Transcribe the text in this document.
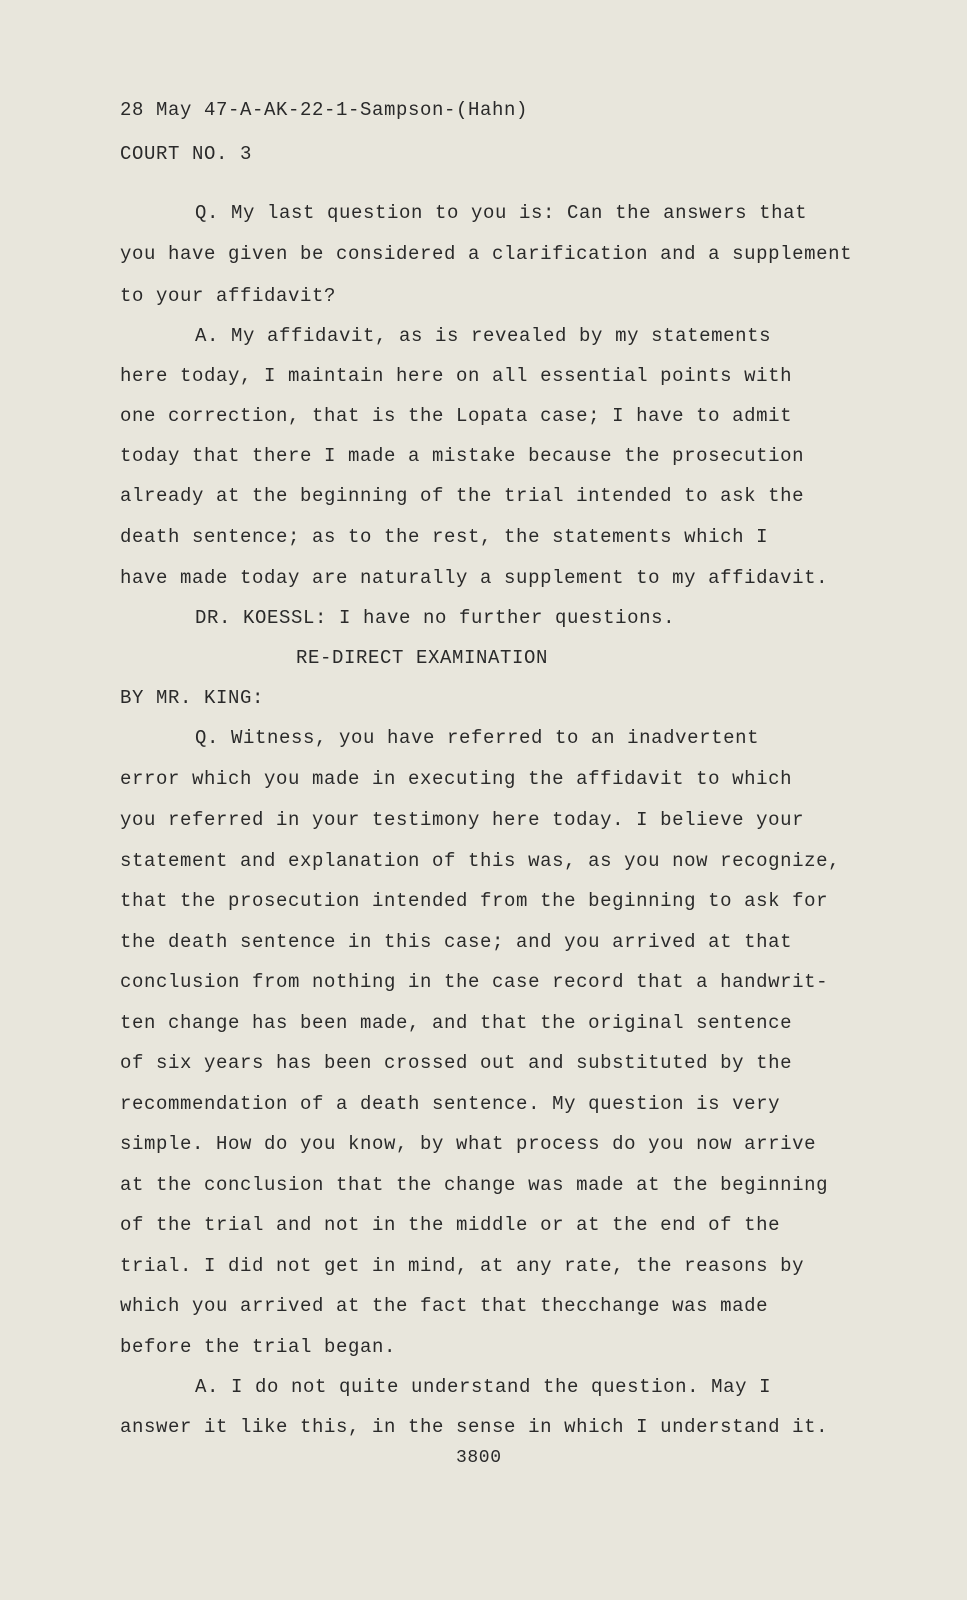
28 May 47-A-AK-22-1-Sampson-(Hahn)
COURT NO. 3
Q. My last question to you is: Can the answers that
you have given be considered a clarification and a supplement
to your affidavit?
A. My affidavit, as is revealed by my statements
here today, I maintain here on all essential points with
one correction, that is the Lopata case; I have to admit
today that there I made a mistake because the prosecution
already at the beginning of the trial intended to ask the
death sentence; as to the rest, the statements which I
have made today are naturally a supplement to my affidavit.
DR. KOESSL: I have no further questions.
RE-DIRECT EXAMINATION
BY MR. KING:
Q. Witness, you have referred to an inadvertent
error which you made in executing the affidavit to which
you referred in your testimony here today. I believe your
statement and explanation of this was, as you now recognize,
that the prosecution intended from the beginning to ask for
the death sentence in this case; and you arrived at that
conclusion from nothing in the case record that a handwrit-
ten change has been made, and that the original sentence
of six years has been crossed out and substituted by the
recommendation of a death sentence. My question is very
simple. How do you know, by what process do you now arrive
at the conclusion that the change was made at the beginning
of the trial and not in the middle or at the end of the
trial. I did not get in mind, at any rate, the reasons by
which you arrived at the fact that thecchange was made
before the trial began.
A. I do not quite understand the question. May I
answer it like this, in the sense in which I understand it.
3800
